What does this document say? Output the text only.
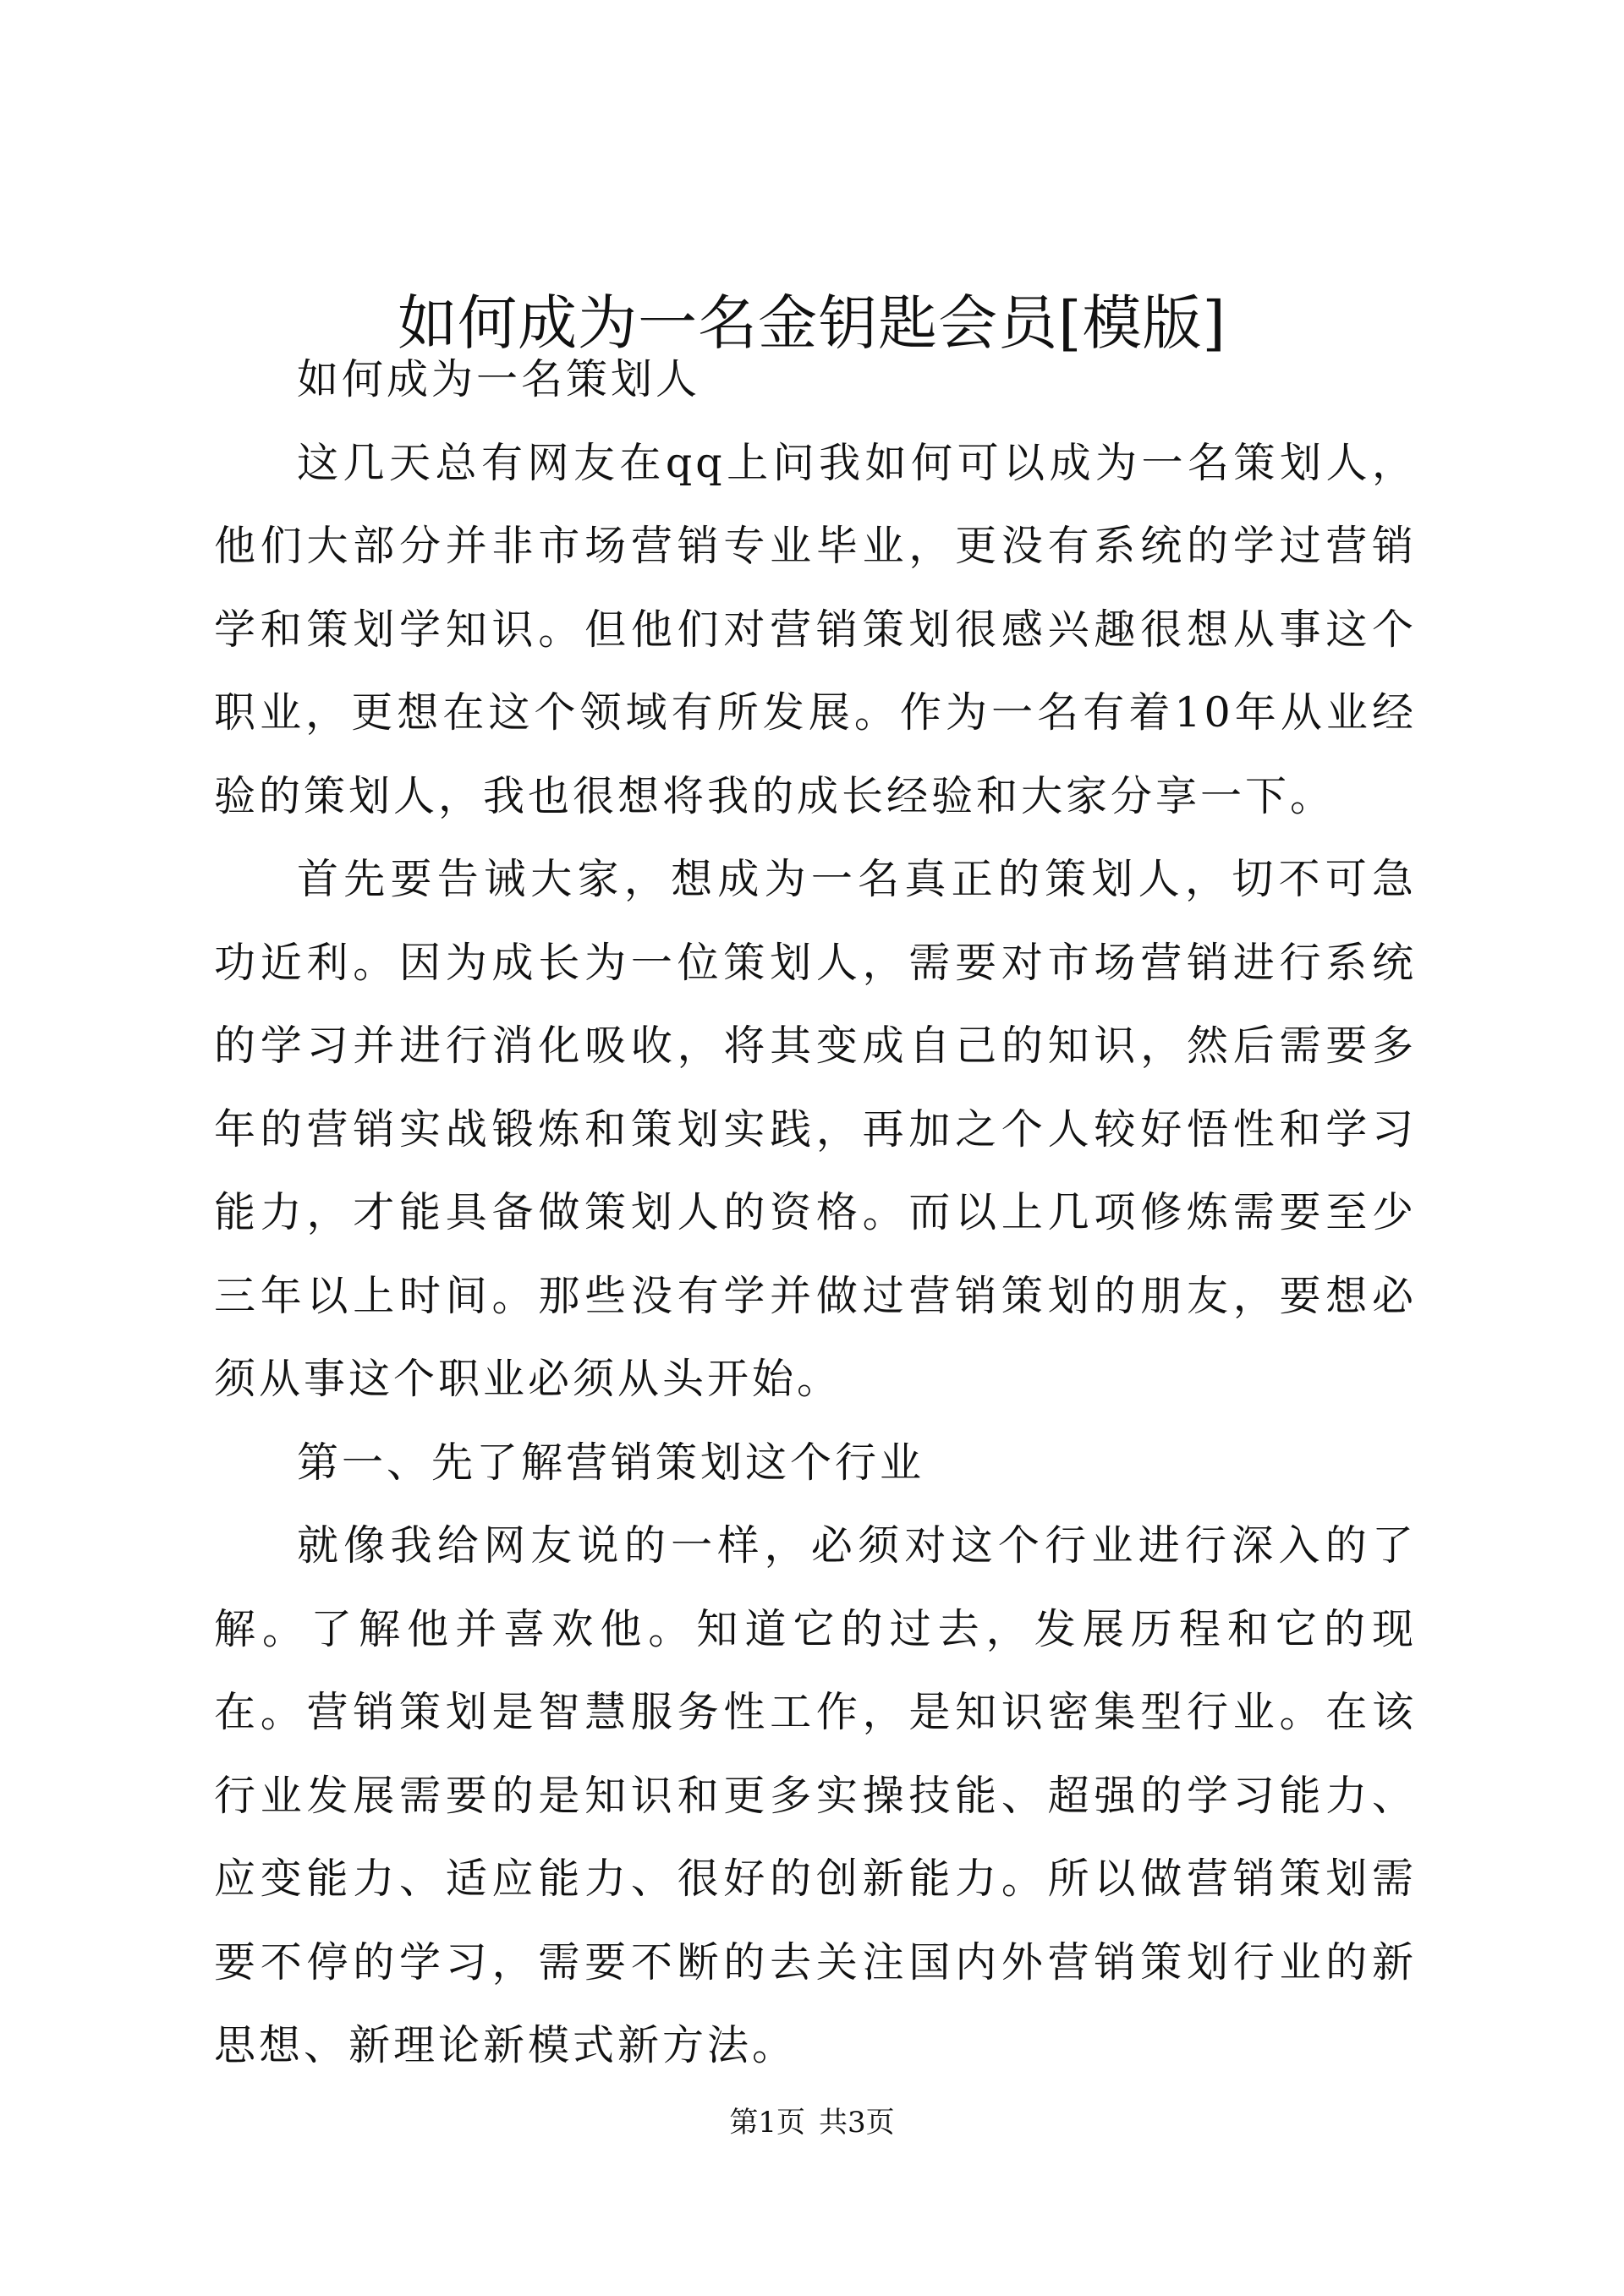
如何成为一名金钥匙会员[模版]

如何成为一名策划人

这几天总有网友在qq上问我如何可以成为一名策划人，他们大部分并非市场营销专业毕业，更没有系统的学过营销学和策划学知识。但他们对营销策划很感兴趣很想从事这个职业，更想在这个领域有所发展。作为一名有着10年从业经验的策划人，我也很想将我的成长经验和大家分享一下。

首先要告诫大家，想成为一名真正的策划人，切不可急功近利。因为成长为一位策划人，需要对市场营销进行系统的学习并进行消化吸收，将其变成自己的知识，然后需要多年的营销实战锻炼和策划实践，再加之个人较好悟性和学习能力，才能具备做策划人的资格。而以上几项修炼需要至少三年以上时间。那些没有学并做过营销策划的朋友，要想必须从事这个职业必须从头开始。

第一、先了解营销策划这个行业

就像我给网友说的一样，必须对这个行业进行深入的了解。了解他并喜欢他。知道它的过去，发展历程和它的现在。营销策划是智慧服务性工作，是知识密集型行业。在该行业发展需要的是知识和更多实操技能、超强的学习能力、应变能力、适应能力、很好的创新能力。所以做营销策划需要不停的学习，需要不断的去关注国内外营销策划行业的新思想、新理论新模式新方法。

第1页 共3页
